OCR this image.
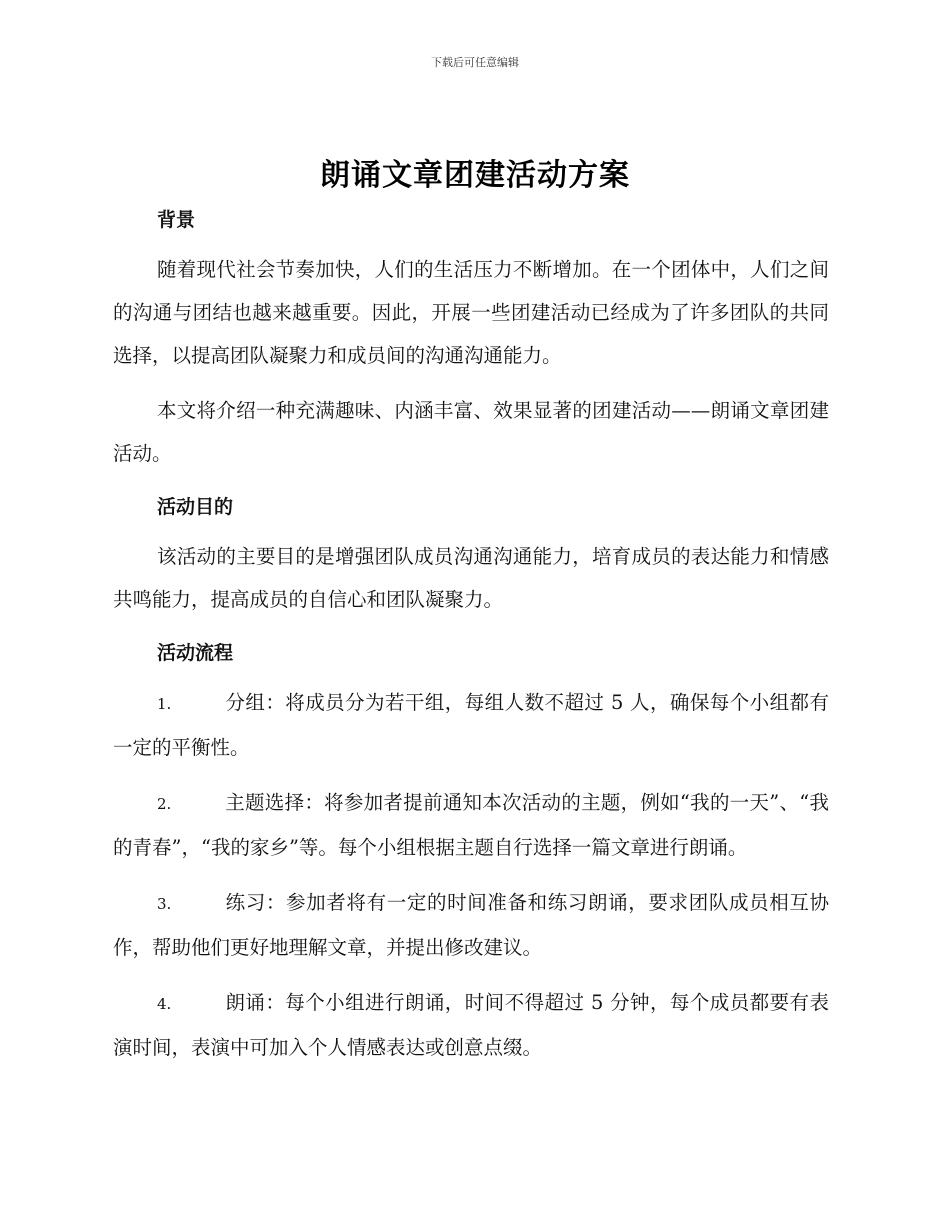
下载后可任意编辑
朗诵文章团建活动方案
背景

随着现代社会节奏加快，人们的生活压力不断增加。在一个团体中，人们之间的沟通与团结也越来越重要。因此，开展一些团建活动已经成为了许多团队的共同选择，以提高团队凝聚力和成员间的沟通沟通能力。

本文将介绍一种充满趣味、内涵丰富、效果显著的团建活动——朗诵文章团建活动。

活动目的

该活动的主要目的是增强团队成员沟通沟通能力，培育成员的表达能力和情感共鸣能力，提高成员的自信心和团队凝聚力。

活动流程

1.	分组：将成员分为若干组，每组人数不超过 5 人，确保每个小组都有一定的平衡性。

2.	主题选择：将参加者提前通知本次活动的主题，例如“我的一天”、“我的青春”，“我的家乡”等。每个小组根据主题自行选择一篇文章进行朗诵。

3.	练习：参加者将有一定的时间准备和练习朗诵，要求团队成员相互协作，帮助他们更好地理解文章，并提出修改建议。

4.	朗诵：每个小组进行朗诵，时间不得超过 5 分钟，每个成员都要有表演时间，表演中可加入个人情感表达或创意点缀。
